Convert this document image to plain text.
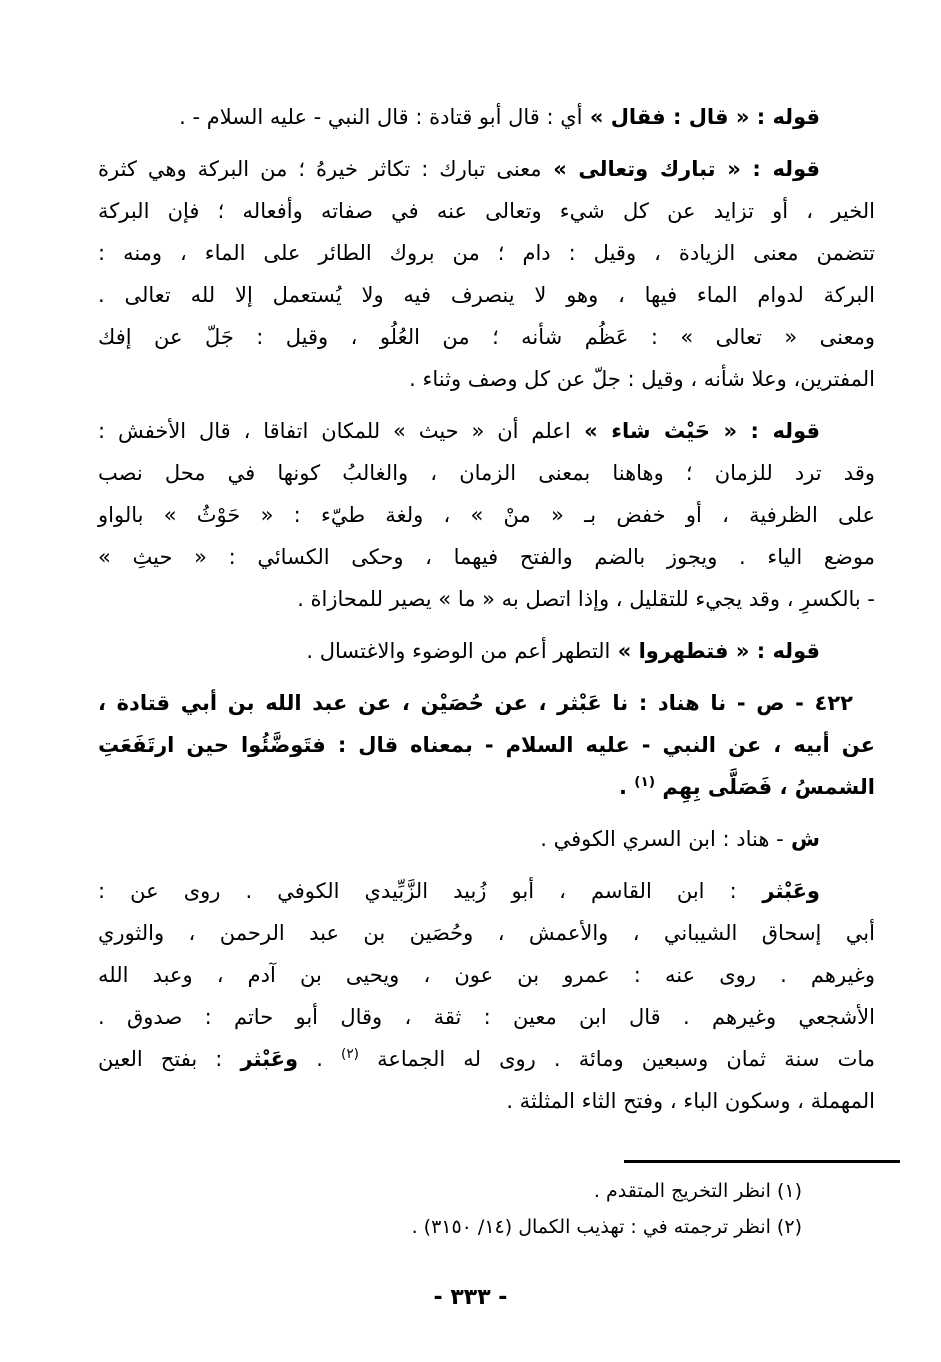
قوله : « قال : فقال » أي : قال أبو قتادة : قال النبي - عليه السلام - .
قوله : « تبارك وتعالى » معنى تبارك : تكاثر خيرهُ ؛ من البركة وهي كثرة
الخير ، أو تزايد عن كل شيء وتعالى عنه في صفاته وأفعاله ؛ فإن البركة
تتضمن معنى الزيادة ، وقيل : دام ؛ من بروك الطائر على الماء ، ومنه :
البركة لدوام الماء فيها ، وهو لا ينصرف فيه ولا يُستعمل إلا لله تعالى .
ومعنى « تعالى » : عَظُم شأنه ؛ من العُلُو ، وقيل : جَلّ عن إفك
المفترين، وعلا شأنه ، وقيل : جلّ عن كل وصف وثناء .
قوله : « حَيْث شاء » اعلم أن « حيث » للمكان اتفاقا ، قال الأخفش :
وقد ترد للزمان ؛ وهاهنا بمعنى الزمان ، والغالبُ كونها في محل نصب
على الظرفية ، أو خفض بـ « منْ » ، ولغة طيّء : « حَوْثُ » بالواو
موضع الياء . ويجوز بالضم والفتح فيهما ، وحكى الكسائي : « حيثِ »
- بالكسرِ ، وقد يجيء للتقليل ، وإذا اتصل به « ما » يصير للمحازاة .
قوله : « فتطهروا » التطهر أعم من الوضوء والاغتسال .
٤٢٢ - ص - نا هناد : نا عَبْثر ، عن حُصَيْن ، عن عبد الله بن أبي قتادة ،
عن أبيه ، عن النبي - عليه السلام - بمعناه قال : فتَوضَّئُوا حين ارتَفَعَتِ
الشمسُ ، فَصَلَّى بِهِم $^{(١)}$ .
ش - هناد : ابن السري الكوفي .
وعَبْثر : ابن القاسم ، أبو زُبيد الزَّبِّيدي الكوفي . روى عن :
أبي إسحاق الشيباني ، والأعمش ، وحُصَين بن عبد الرحمن ، والثوري
وغيرهم . روى عنه : عمرو بن عون ، ويحيى بن آدم ، وعبد الله
الأشجعي وغيرهم . قال ابن معين : ثقة ، وقال أبو حاتم : صدوق .
مات سنة ثمان وسبعين ومائة . روى له الجماعة $^{(٢)}$ . وعَبْثر : بفتح العين
المهملة ، وسكون الباء ، وفتح الثاء المثلثة .
(١) انظر التخريج المتقدم .
(٢) انظر ترجمته في : تهذيب الكمال (١٤/ ٣١٥٠) .
- ٣٣٣ -
